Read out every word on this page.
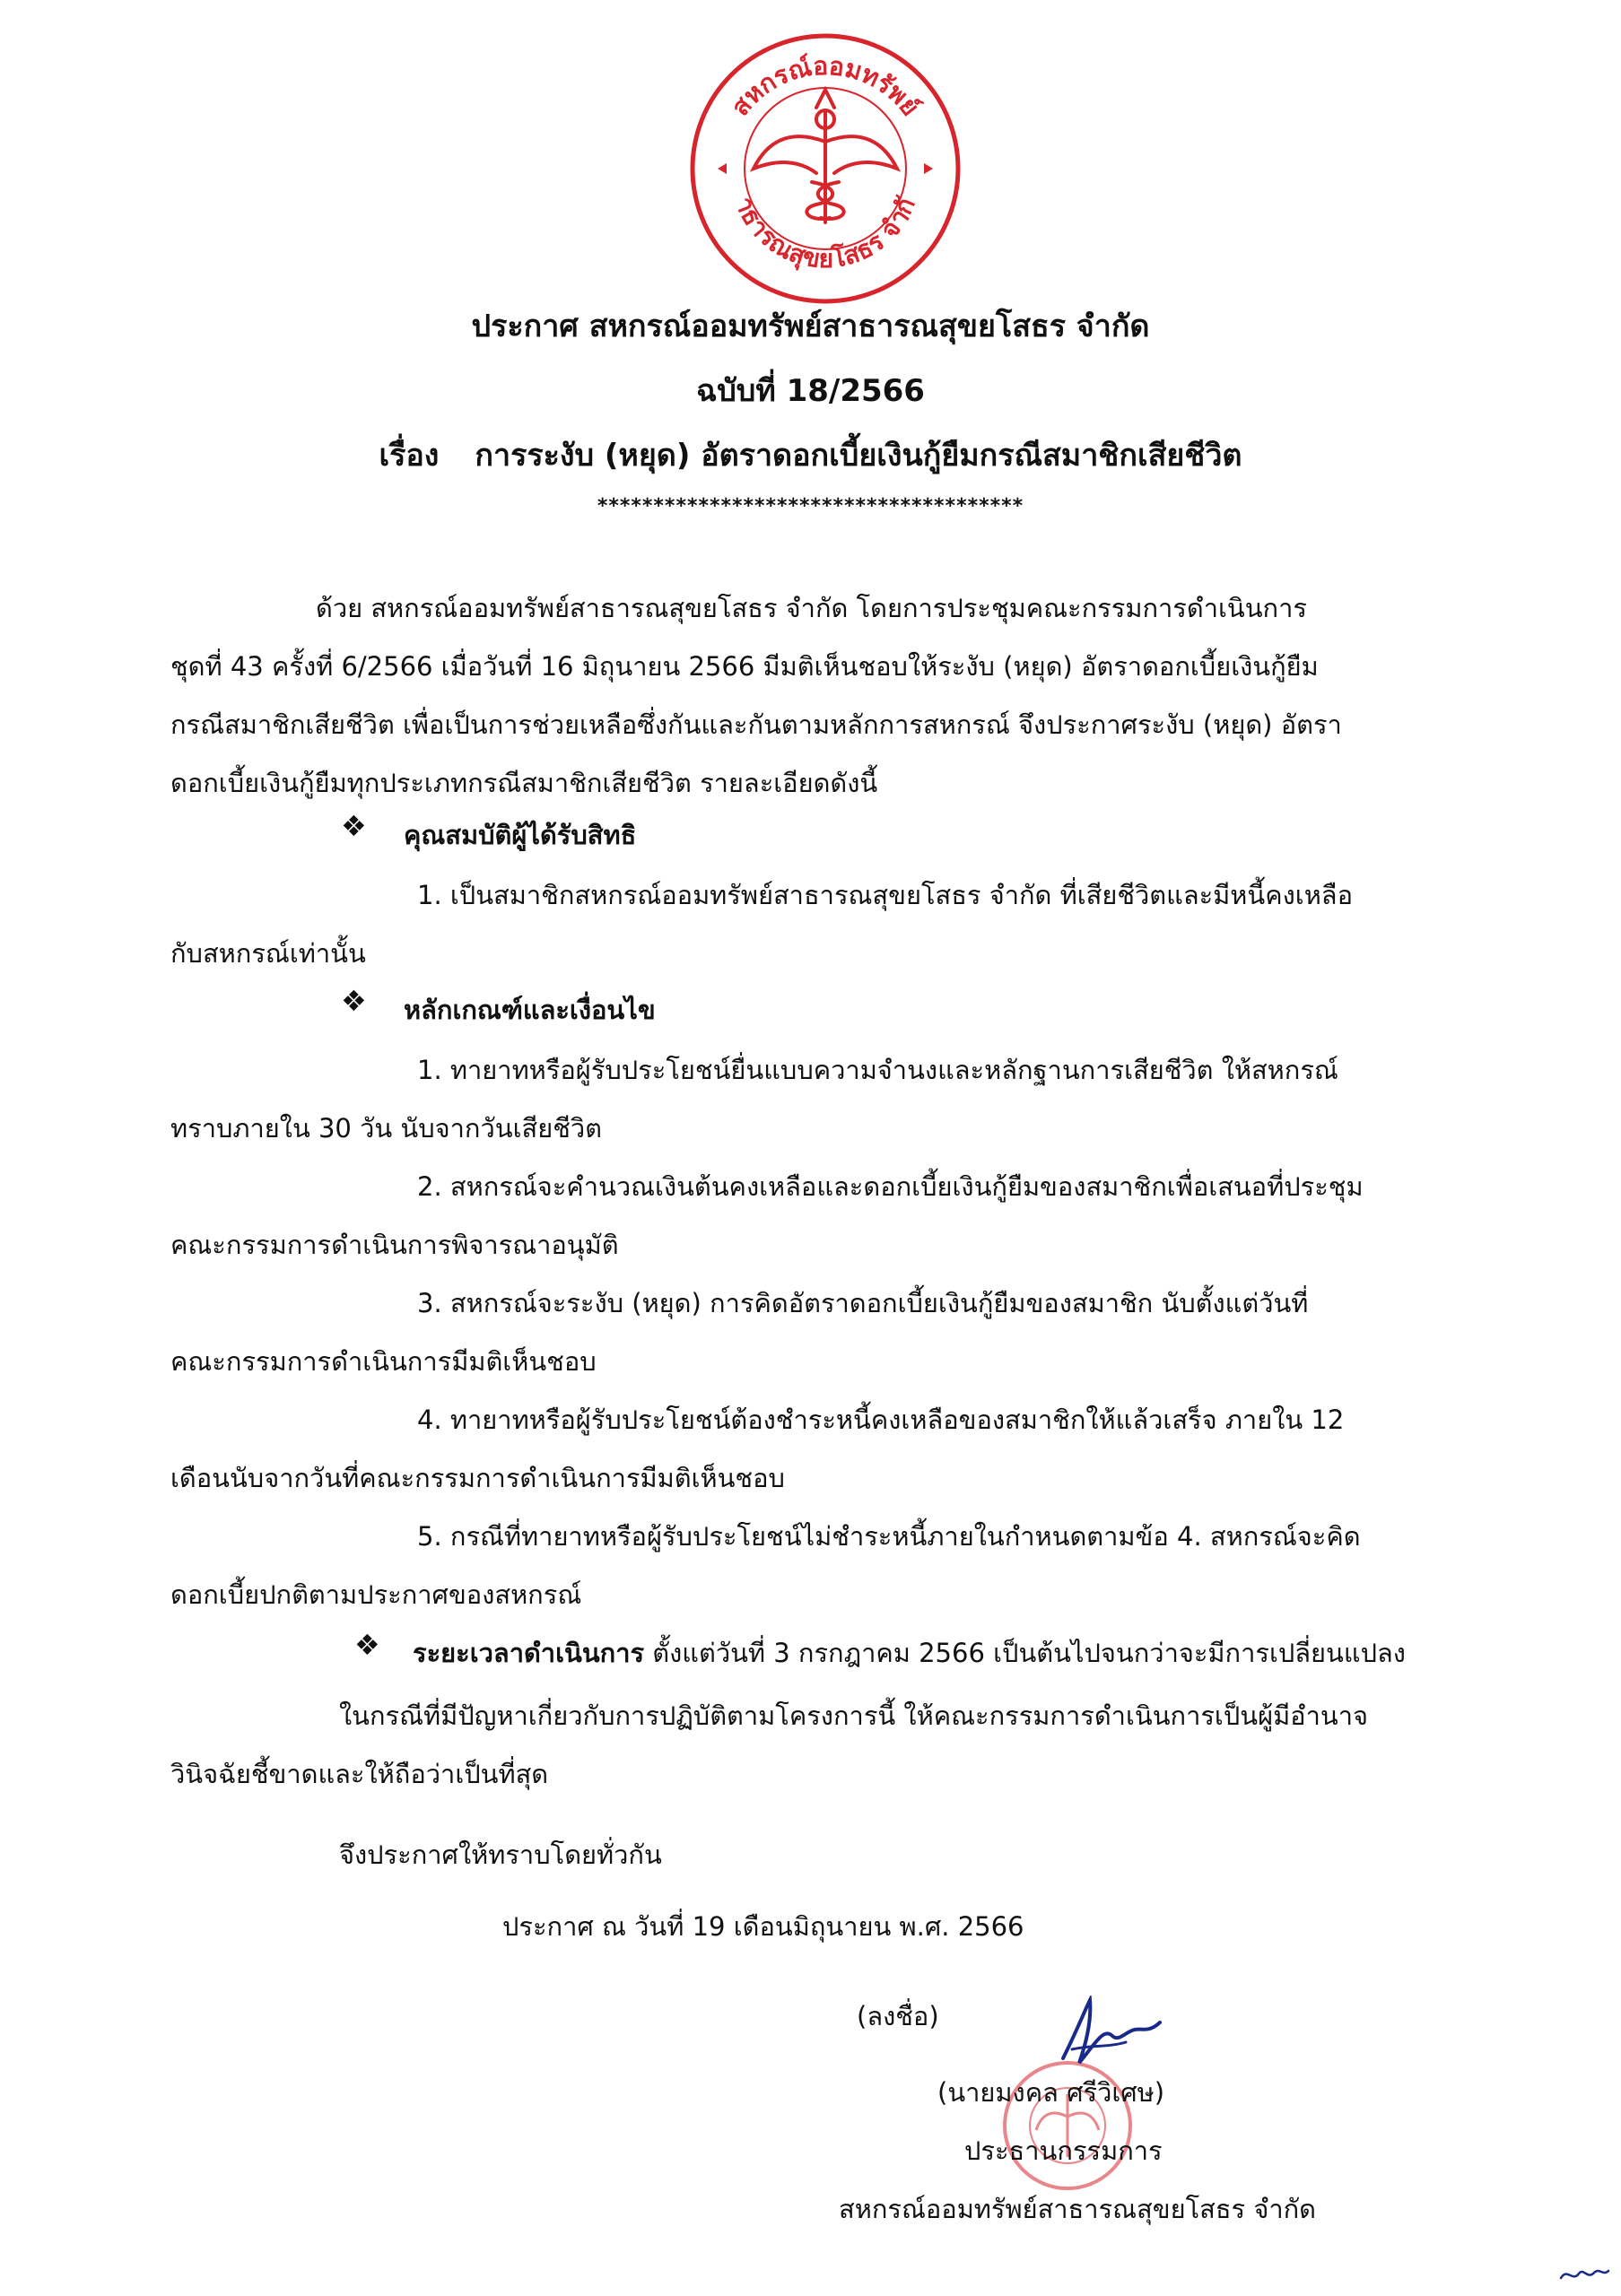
สหกรณ์ออมทรัพย์
าธารณสุขยโสธร จำกั
ประกาศ สหกรณ์ออมทรัพย์สาธารณสุขยโสธร จำกัด
ฉบับที่ 18/2566
เรื่อง การระงับ (หยุด) อัตราดอกเบี้ยเงินกู้ยืมกรณีสมาชิกเสียชีวิต
**************************************
ด้วย สหกรณ์ออมทรัพย์สาธารณสุขยโสธร จำกัด โดยการประชุมคณะกรรมการดำเนินการ
ชุดที่ 43 ครั้งที่ 6/2566 เมื่อวันที่ 16 มิถุนายน 2566 มีมติเห็นชอบให้ระงับ (หยุด) อัตราดอกเบี้ยเงินกู้ยืม
กรณีสมาชิกเสียชีวิต เพื่อเป็นการช่วยเหลือซึ่งกันและกันตามหลักการสหกรณ์ จึงประกาศระงับ (หยุด) อัตรา
ดอกเบี้ยเงินกู้ยืมทุกประเภทกรณีสมาชิกเสียชีวิต รายละเอียดดังนี้
❖ คุณสมบัติผู้ได้รับสิทธิ
1. เป็นสมาชิกสหกรณ์ออมทรัพย์สาธารณสุขยโสธร จำกัด ที่เสียชีวิตและมีหนี้คงเหลือ
กับสหกรณ์เท่านั้น
❖ หลักเกณฑ์และเงื่อนไข
1. ทายาทหรือผู้รับประโยชน์ยื่นแบบความจำนงและหลักฐานการเสียชีวิต ให้สหกรณ์
ทราบภายใน 30 วัน นับจากวันเสียชีวิต
2. สหกรณ์จะคำนวณเงินต้นคงเหลือและดอกเบี้ยเงินกู้ยืมของสมาชิกเพื่อเสนอที่ประชุม
คณะกรรมการดำเนินการพิจารณาอนุมัติ
3. สหกรณ์จะระงับ (หยุด) การคิดอัตราดอกเบี้ยเงินกู้ยืมของสมาชิก นับตั้งแต่วันที่
คณะกรรมการดำเนินการมีมติเห็นชอบ
4. ทายาทหรือผู้รับประโยชน์ต้องชำระหนี้คงเหลือของสมาชิกให้แล้วเสร็จ ภายใน 12
เดือนนับจากวันที่คณะกรรมการดำเนินการมีมติเห็นชอบ
5. กรณีที่ทายาทหรือผู้รับประโยชน์ไม่ชำระหนี้ภายในกำหนดตามข้อ 4. สหกรณ์จะคิด
ดอกเบี้ยปกติตามประกาศของสหกรณ์
❖ ระยะเวลาดำเนินการ ตั้งแต่วันที่ 3 กรกฎาคม 2566 เป็นต้นไปจนกว่าจะมีการเปลี่ยนแปลง
ในกรณีที่มีปัญหาเกี่ยวกับการปฏิบัติตามโครงการนี้ ให้คณะกรรมการดำเนินการเป็นผู้มีอำนาจ
วินิจฉัยชี้ขาดและให้ถือว่าเป็นที่สุด
จึงประกาศให้ทราบโดยทั่วกัน
ประกาศ ณ วันที่ 19 เดือนมิถุนายน พ.ศ. 2566
(ลงชื่อ)
(นายมงคล ศรีวิเศษ)
ประธานกรรมการ
สหกรณ์ออมทรัพย์สาธารณสุขยโสธร จำกัด
